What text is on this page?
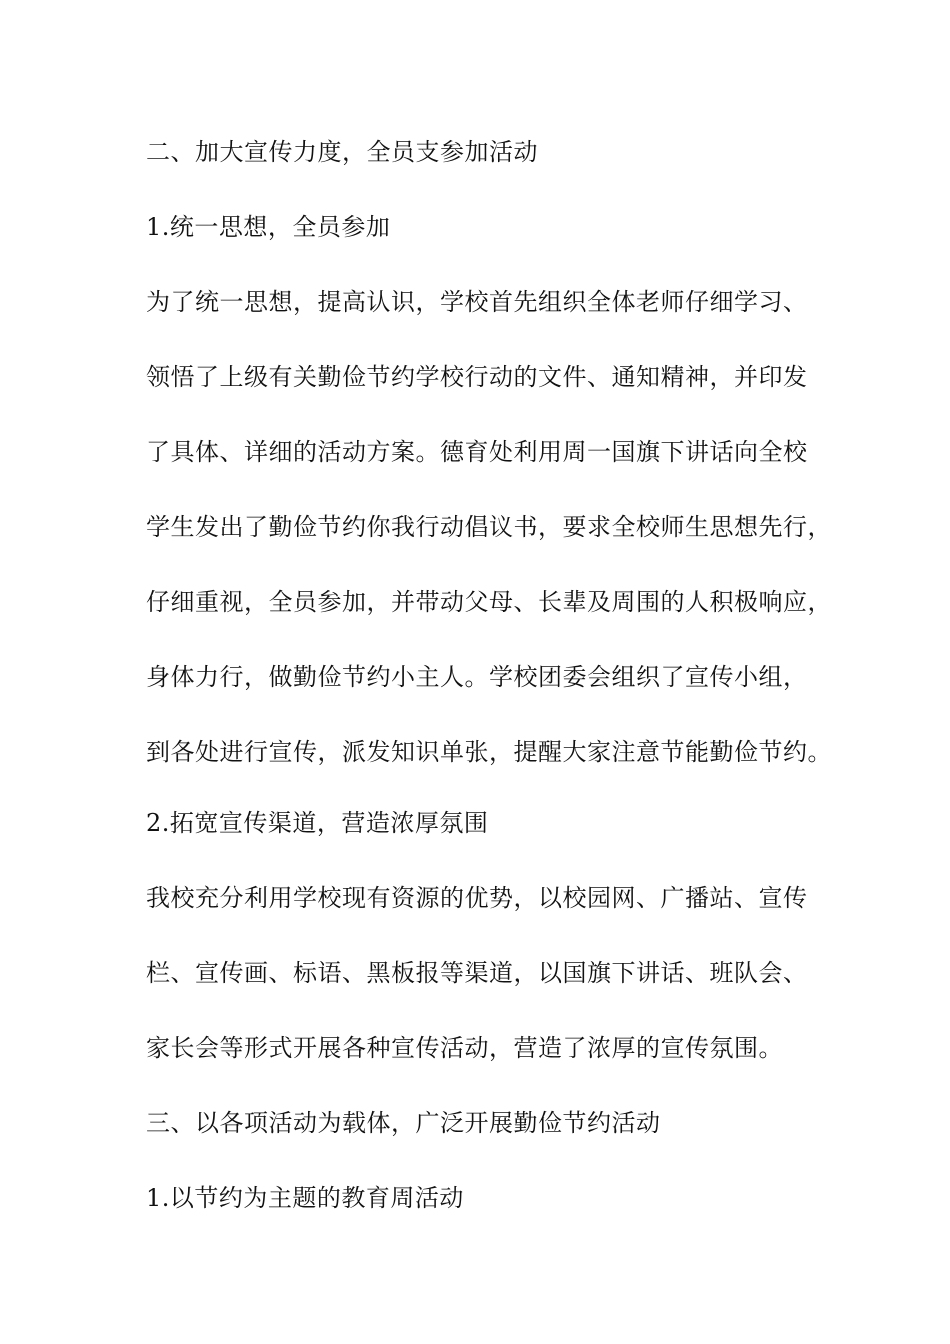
二、加大宣传力度，全员支参加活动
1.统一思想，全员参加
为了统一思想，提高认识，学校首先组织全体老师仔细学习、
领悟了上级有关勤俭节约学校行动的文件、通知精神，并印发
了具体、详细的活动方案。德育处利用周一国旗下讲话向全校
学生发出了勤俭节约你我行动倡议书，要求全校师生思想先行，
仔细重视，全员参加，并带动父母、长辈及周围的人积极响应，
身体力行，做勤俭节约小主人。学校团委会组织了宣传小组，
到各处进行宣传，派发知识单张，提醒大家注意节能勤俭节约。
2.拓宽宣传渠道，营造浓厚氛围
我校充分利用学校现有资源的优势，以校园网、广播站、宣传
栏、宣传画、标语、黑板报等渠道，以国旗下讲话、班队会、
家长会等形式开展各种宣传活动，营造了浓厚的宣传氛围。
三、以各项活动为载体，广泛开展勤俭节约活动
1.以节约为主题的教育周活动
